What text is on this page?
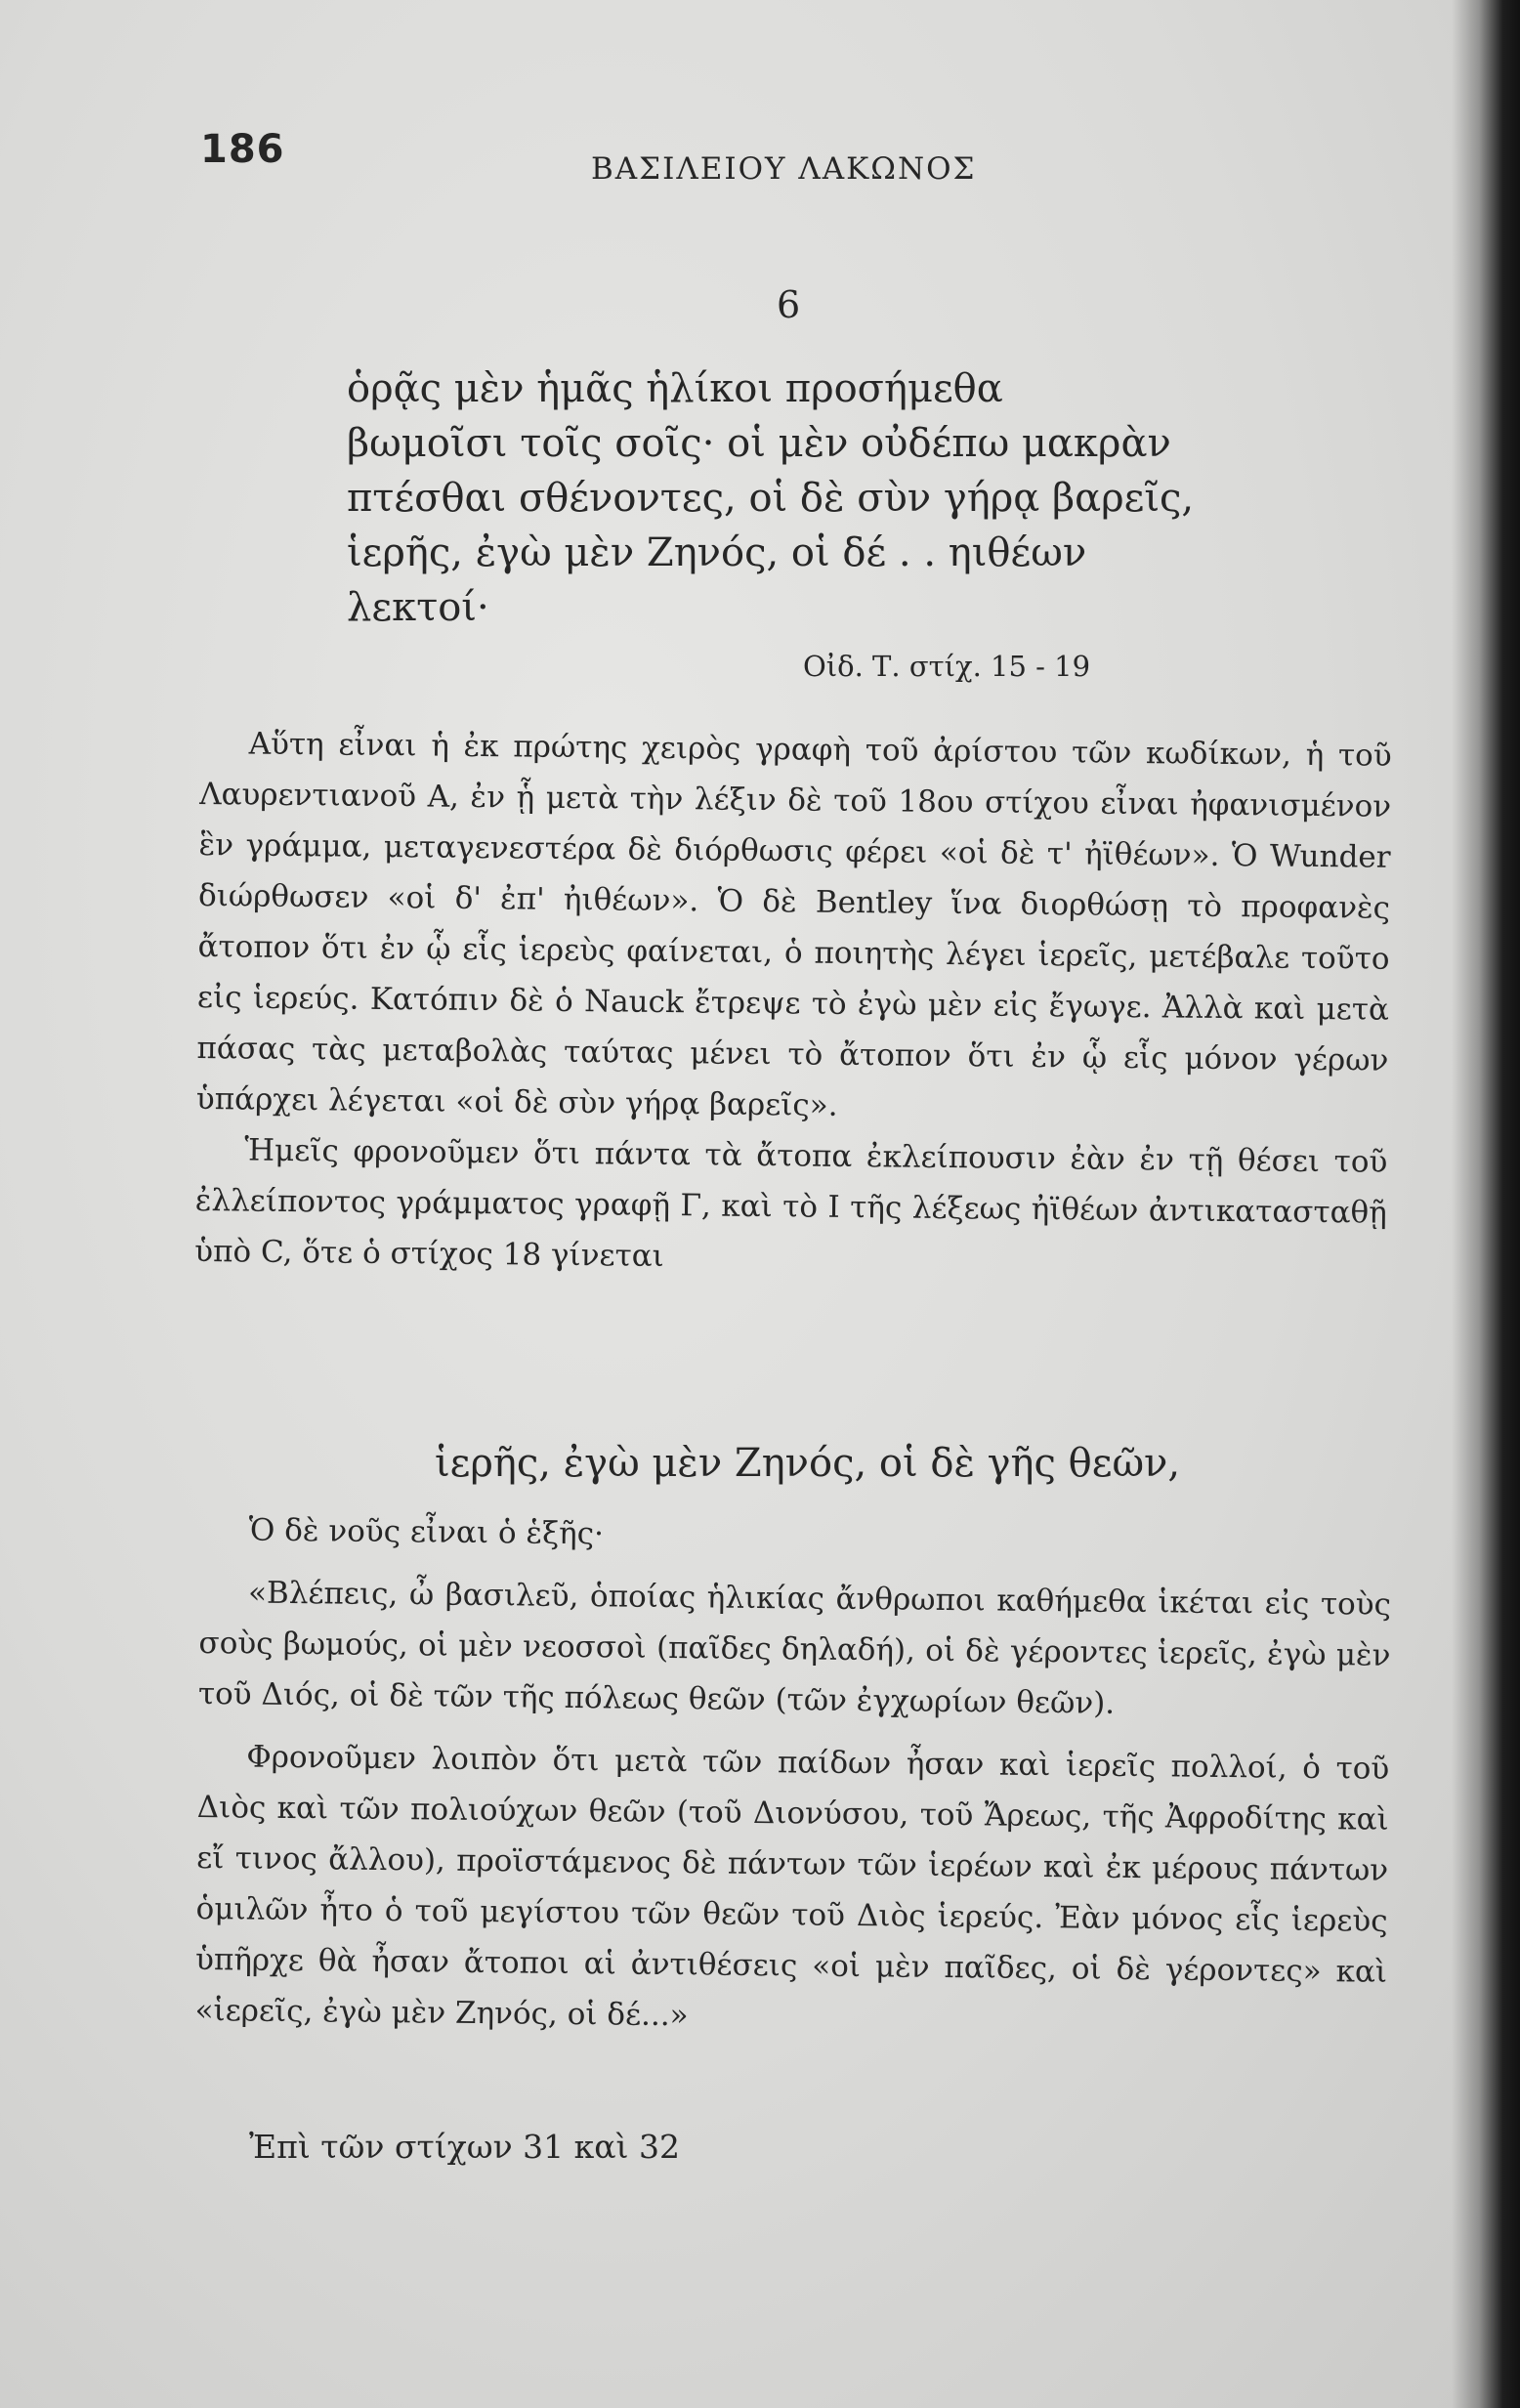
186	ΒΑΣΙΛΕΙΟΥ ΛΑΚΩΝΟΣ
6
ὁρᾷς μὲν ἡμᾶς ἡλίκοι προσήμεθα
βωμοῖσι τοῖς σοῖς· οἱ μὲν οὐδέπω μακρὰν
πτέσθαι σθένοντες, οἱ δὲ σὺν γήρᾳ βαρεῖς,
ἱερῆς, ἐγὼ μὲν Ζηνός, οἱ δέ . . ηιθέων
λεκτοί·
Οἰδ. Τ. στίχ. 15 - 19

Αὕτη εἶναι ἡ ἐκ πρώτης χειρὸς γραφὴ τοῦ ἀρίστου τῶν κωδίκων, ἡ τοῦ Λαυρεντιανοῦ Α, ἐν ᾗ μετὰ τὴν λέξιν δὲ τοῦ 18ου στίχου εἶναι ἠφανισμένον ἓν γράμμα, μεταγενεστέρα δὲ διόρθωσις φέρει «οἱ δὲ τ' ἠϊθέων». Ὁ Wunder διώρθωσεν «οἱ δ' ἐπ' ἠιθέων». Ὁ δὲ Bentley ἵνα διορθώσῃ τὸ προφανὲς ἄτοπον ὅτι ἐν ᾧ εἷς ἱερεὺς φαίνεται, ὁ ποιητὴς λέγει ἱερεῖς, μετέβαλε τοῦτο εἰς ἱερεύς. Κατόπιν δὲ ὁ Nauck ἔτρεψε τὸ ἐγὼ μὲν εἰς ἔγωγε. Ἀλλὰ καὶ μετὰ πάσας τὰς μεταβολὰς ταύτας μένει τὸ ἄτοπον ὅτι ἐν ᾧ εἷς μόνον γέρων ὑπάρχει λέγεται «οἱ δὲ σὺν γήρᾳ βαρεῖς».

Ἡμεῖς φρονοῦμεν ὅτι πάντα τὰ ἄτοπα ἐκλείπουσιν ἐὰν ἐν τῇ θέσει τοῦ ἐλλείποντος γράμματος γραφῇ Γ, καὶ τὸ Ι τῆς λέξεως ἠϊθέων ἀντικατασταθῇ ὑπὸ C, ὅτε ὁ στίχος 18 γίνεται

ἱερῆς, ἐγὼ μὲν Ζηνός, οἱ δὲ γῆς θεῶν,

Ὁ δὲ νοῦς εἶναι ὁ ἑξῆς·

«Βλέπεις, ὦ βασιλεῦ, ὁποίας ἡλικίας ἄνθρωποι καθήμεθα ἱκέται εἰς τοὺς σοὺς βωμούς, οἱ μὲν νεοσσοὶ (παῖδες δηλαδή), οἱ δὲ γέροντες ἱερεῖς, ἐγὼ μὲν τοῦ Διός, οἱ δὲ τῶν τῆς πόλεως θεῶν (τῶν ἐγχωρίων θεῶν).

Φρονοῦμεν λοιπὸν ὅτι μετὰ τῶν παίδων ἦσαν καὶ ἱερεῖς πολλοί, ὁ τοῦ Διὸς καὶ τῶν πολιούχων θεῶν (τοῦ Διονύσου, τοῦ Ἄρεως, τῆς Ἀφροδίτης καὶ εἴ τινος ἄλλου), προϊστάμενος δὲ πάντων τῶν ἱερέων καὶ ἐκ μέρους πάντων ὁμιλῶν ἦτο ὁ τοῦ μεγίστου τῶν θεῶν τοῦ Διὸς ἱερεύς. Ἐὰν μόνος εἷς ἱερεὺς ὑπῆρχε θὰ ἦσαν ἄτοποι αἱ ἀντιθέσεις «οἱ μὲν παῖδες, οἱ δὲ γέροντες» καὶ «ἱερεῖς, ἐγὼ μὲν Ζηνός, οἱ δέ...»

Ἐπὶ τῶν στίχων 31 καὶ 32
